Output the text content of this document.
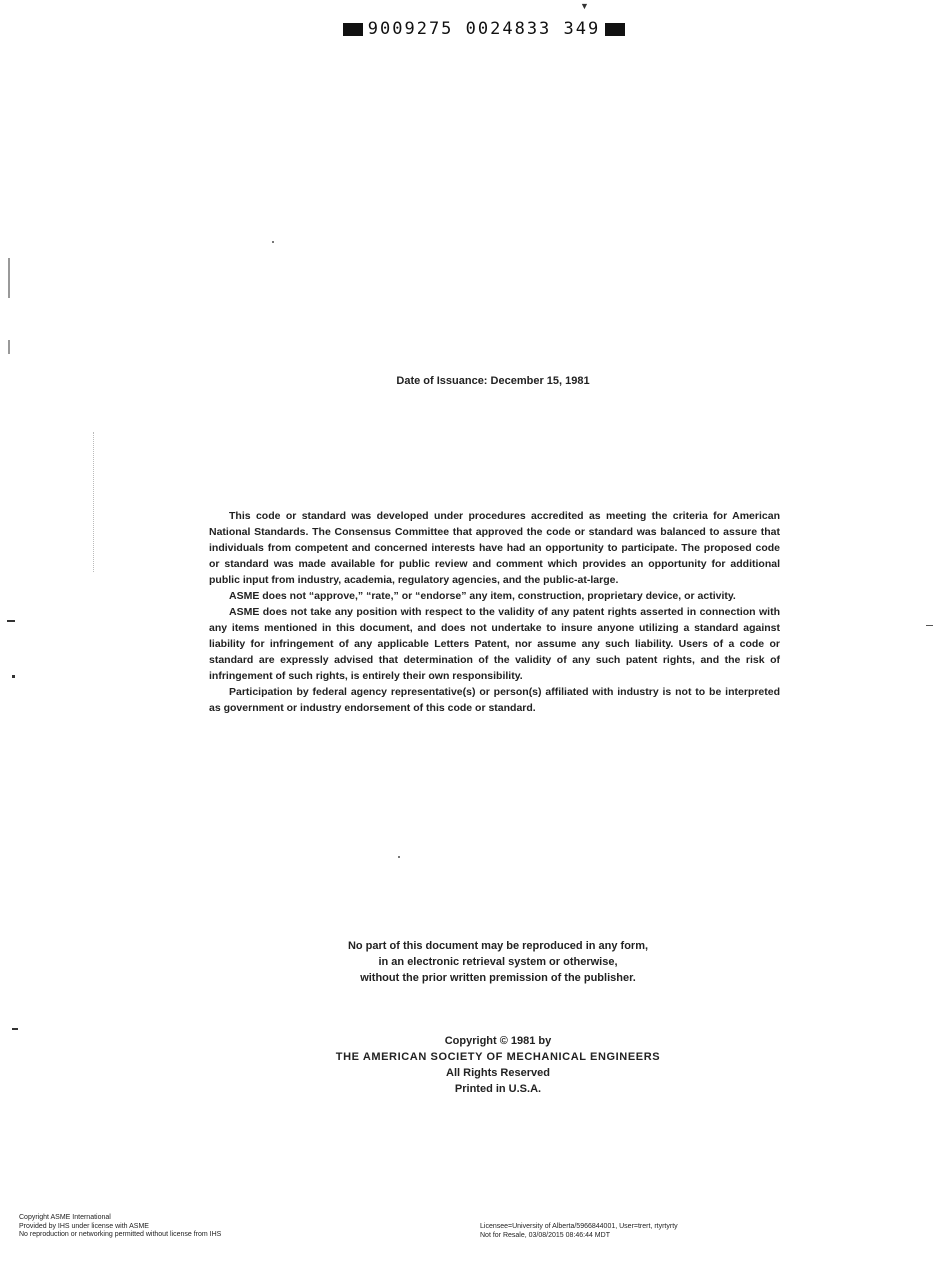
▼
9009275 0024833 349
Date of Issuance: December 15, 1981

This code or standard was developed under procedures accredited as meeting the criteria for American National Standards. The Consensus Committee that approved the code or standard was balanced to assure that individuals from competent and concerned interests have had an opportunity to participate. The proposed code or standard was made available for public review and comment which provides an opportunity for additional public input from industry, academia, regulatory agencies, and the public-at-large.

ASME does not “approve,” “rate,” or “endorse” any item, construction, proprietary device, or activity.

ASME does not take any position with respect to the validity of any patent rights asserted in connection with any items mentioned in this document, and does not undertake to insure anyone utilizing a standard against liability for infringement of any applicable Letters Patent, nor assume any such liability. Users of a code or standard are expressly advised that determination of the validity of any such patent rights, and the risk of infringement of such rights, is entirely their own responsibility.

Participation by federal agency representative(s) or person(s) affiliated with industry is not to be interpreted as government or industry endorsement of this code or standard.

No part of this document may be reproduced in any form,
in an electronic retrieval system or otherwise,
without the prior written premission of the publisher.
Copyright © 1981 by
THE AMERICAN SOCIETY OF MECHANICAL ENGINEERS
All Rights Reserved
Printed in U.S.A.
Copyright ASME International
Provided by IHS under license with ASME
No reproduction or networking permitted without license from IHS
Licensee=University of Alberta/5966844001, User=trert, rtyrtyrty
Not for Resale, 03/08/2015 08:46:44 MDT
